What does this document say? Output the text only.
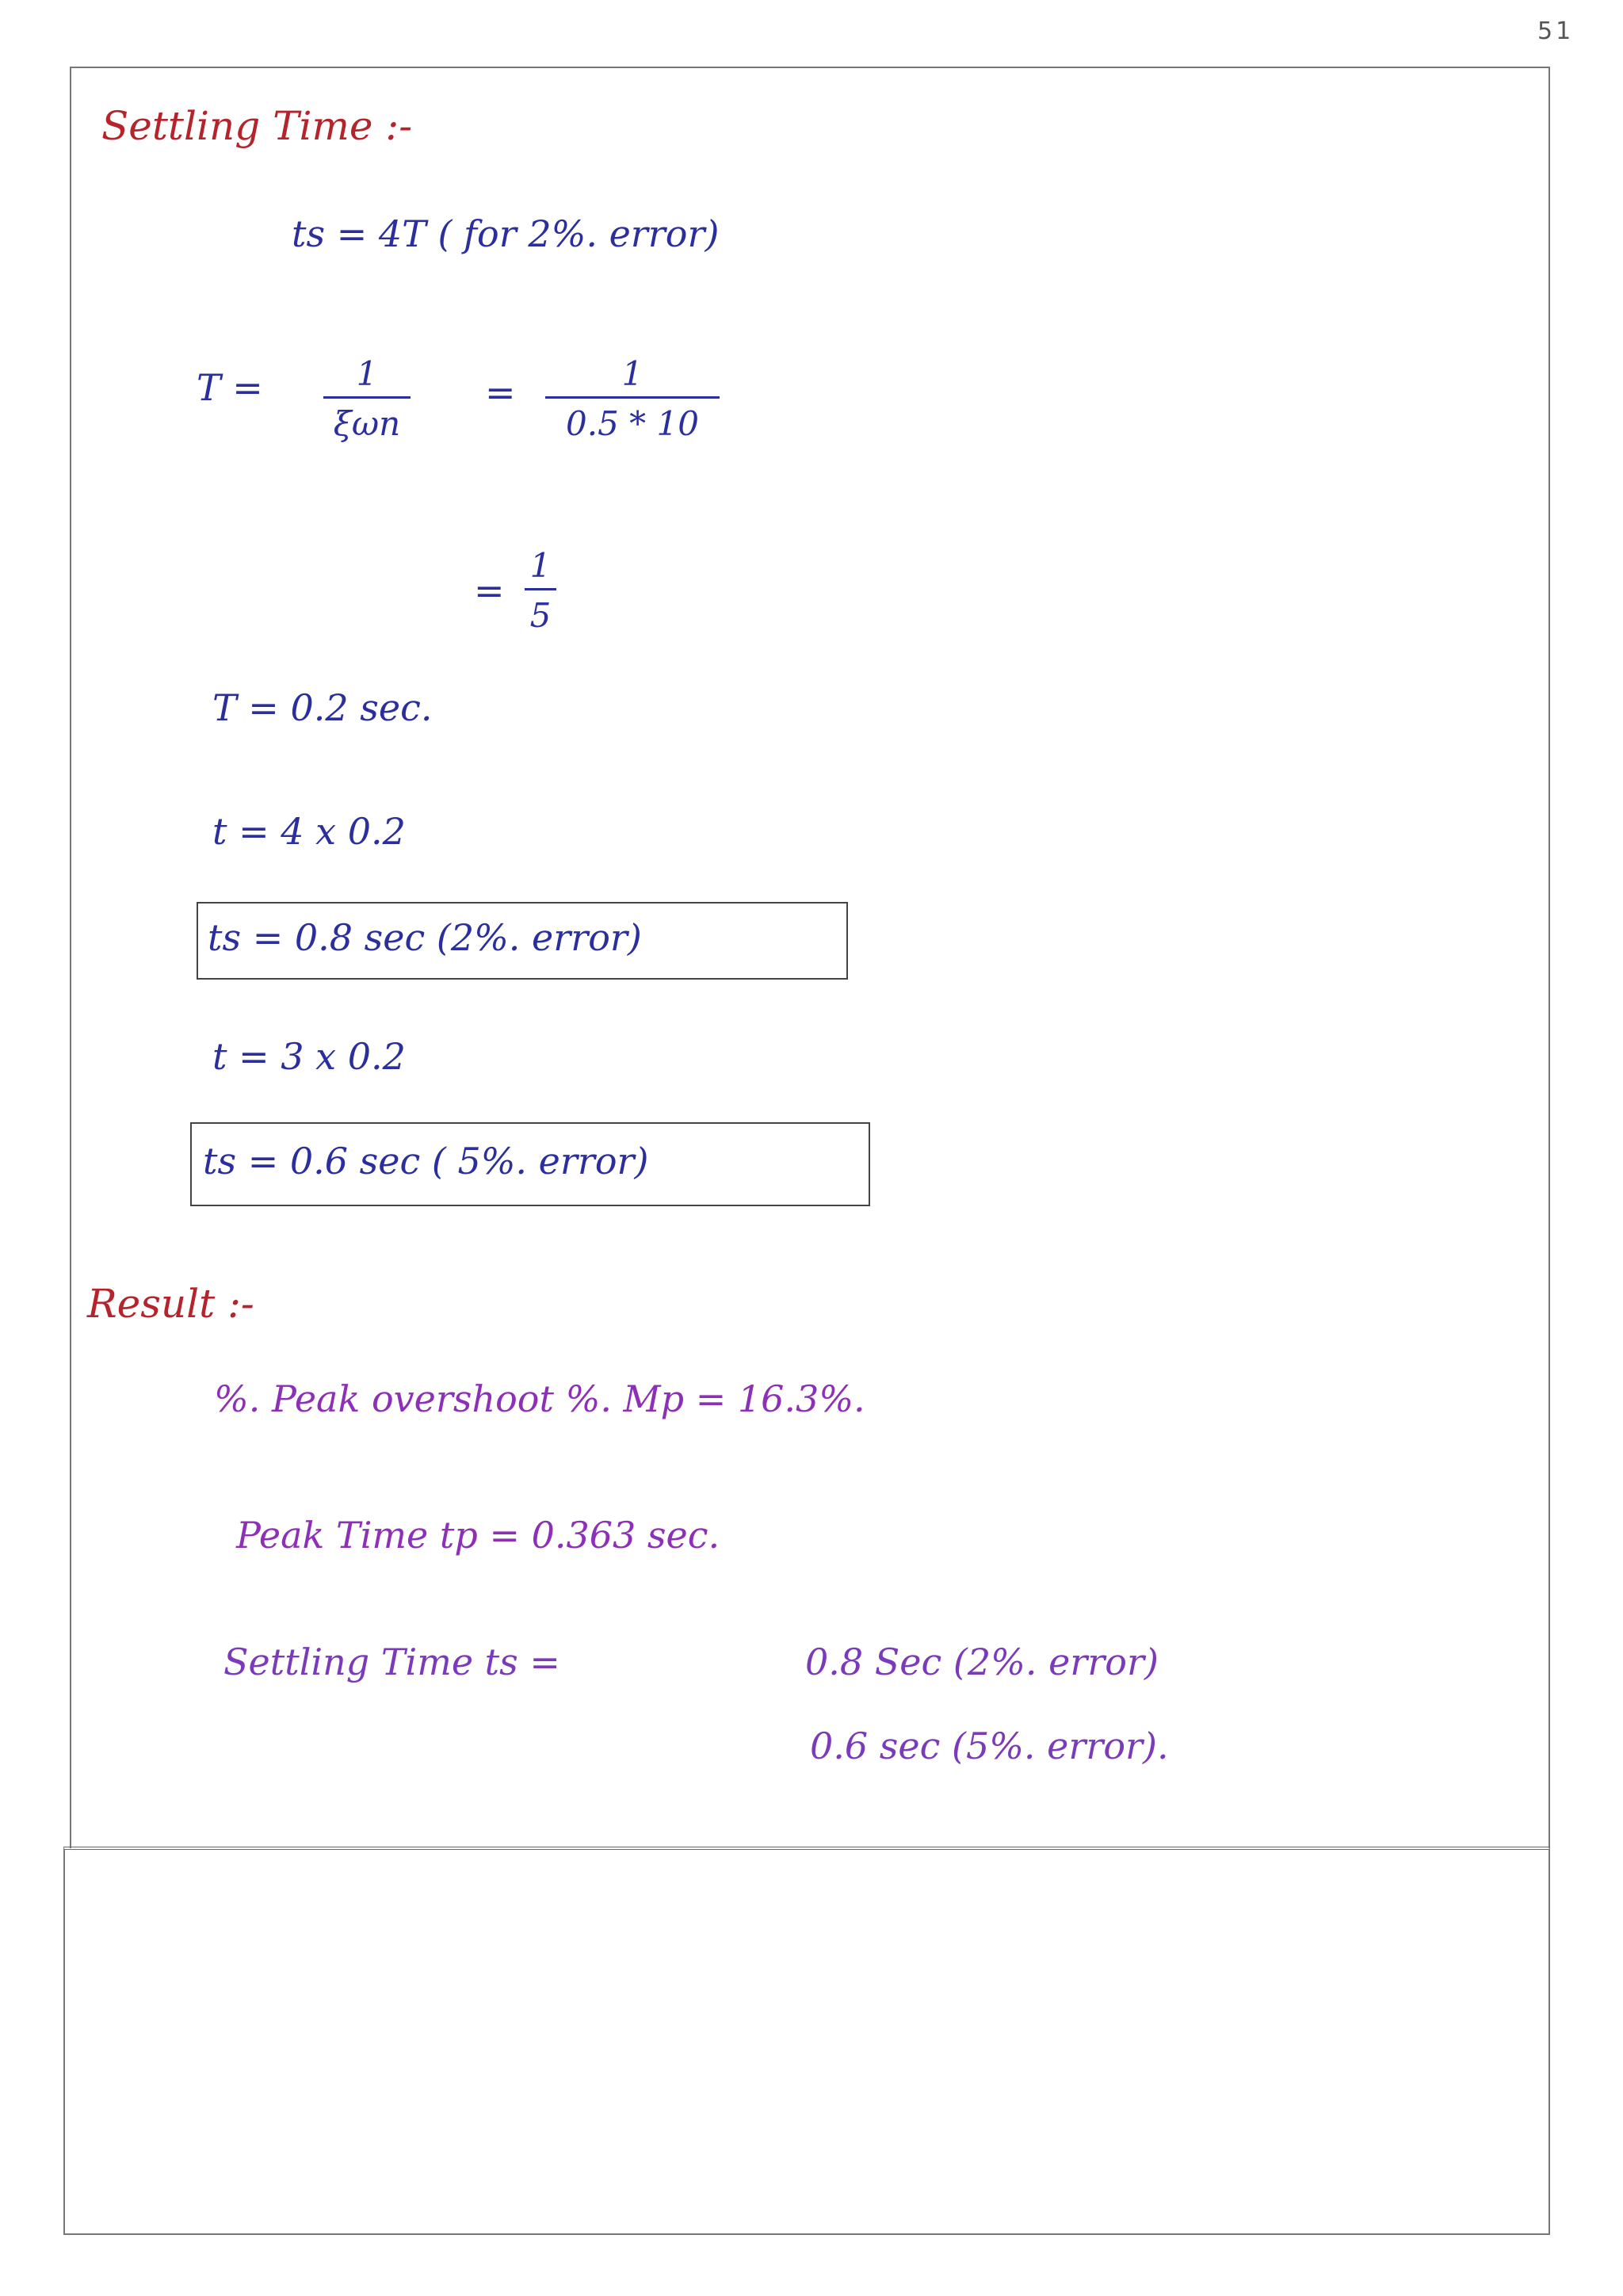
51
Settling Time :-
ts = 4T ( for 2%. error)
T =	1
ξωn
=	1
0.5 * 10
=
1
5
T = 0.2 sec.
t = 4 x 0.2
ts = 0.8 sec (2%. error)
t = 3 x 0.2
ts = 0.6 sec ( 5%. error)
Result :-
%. Peak overshoot %. Mp = 16.3%.
Peak Time tp = 0.363 sec.
Settling Time ts =	0.8 Sec (2%. error)
0.6 sec (5%. error).
